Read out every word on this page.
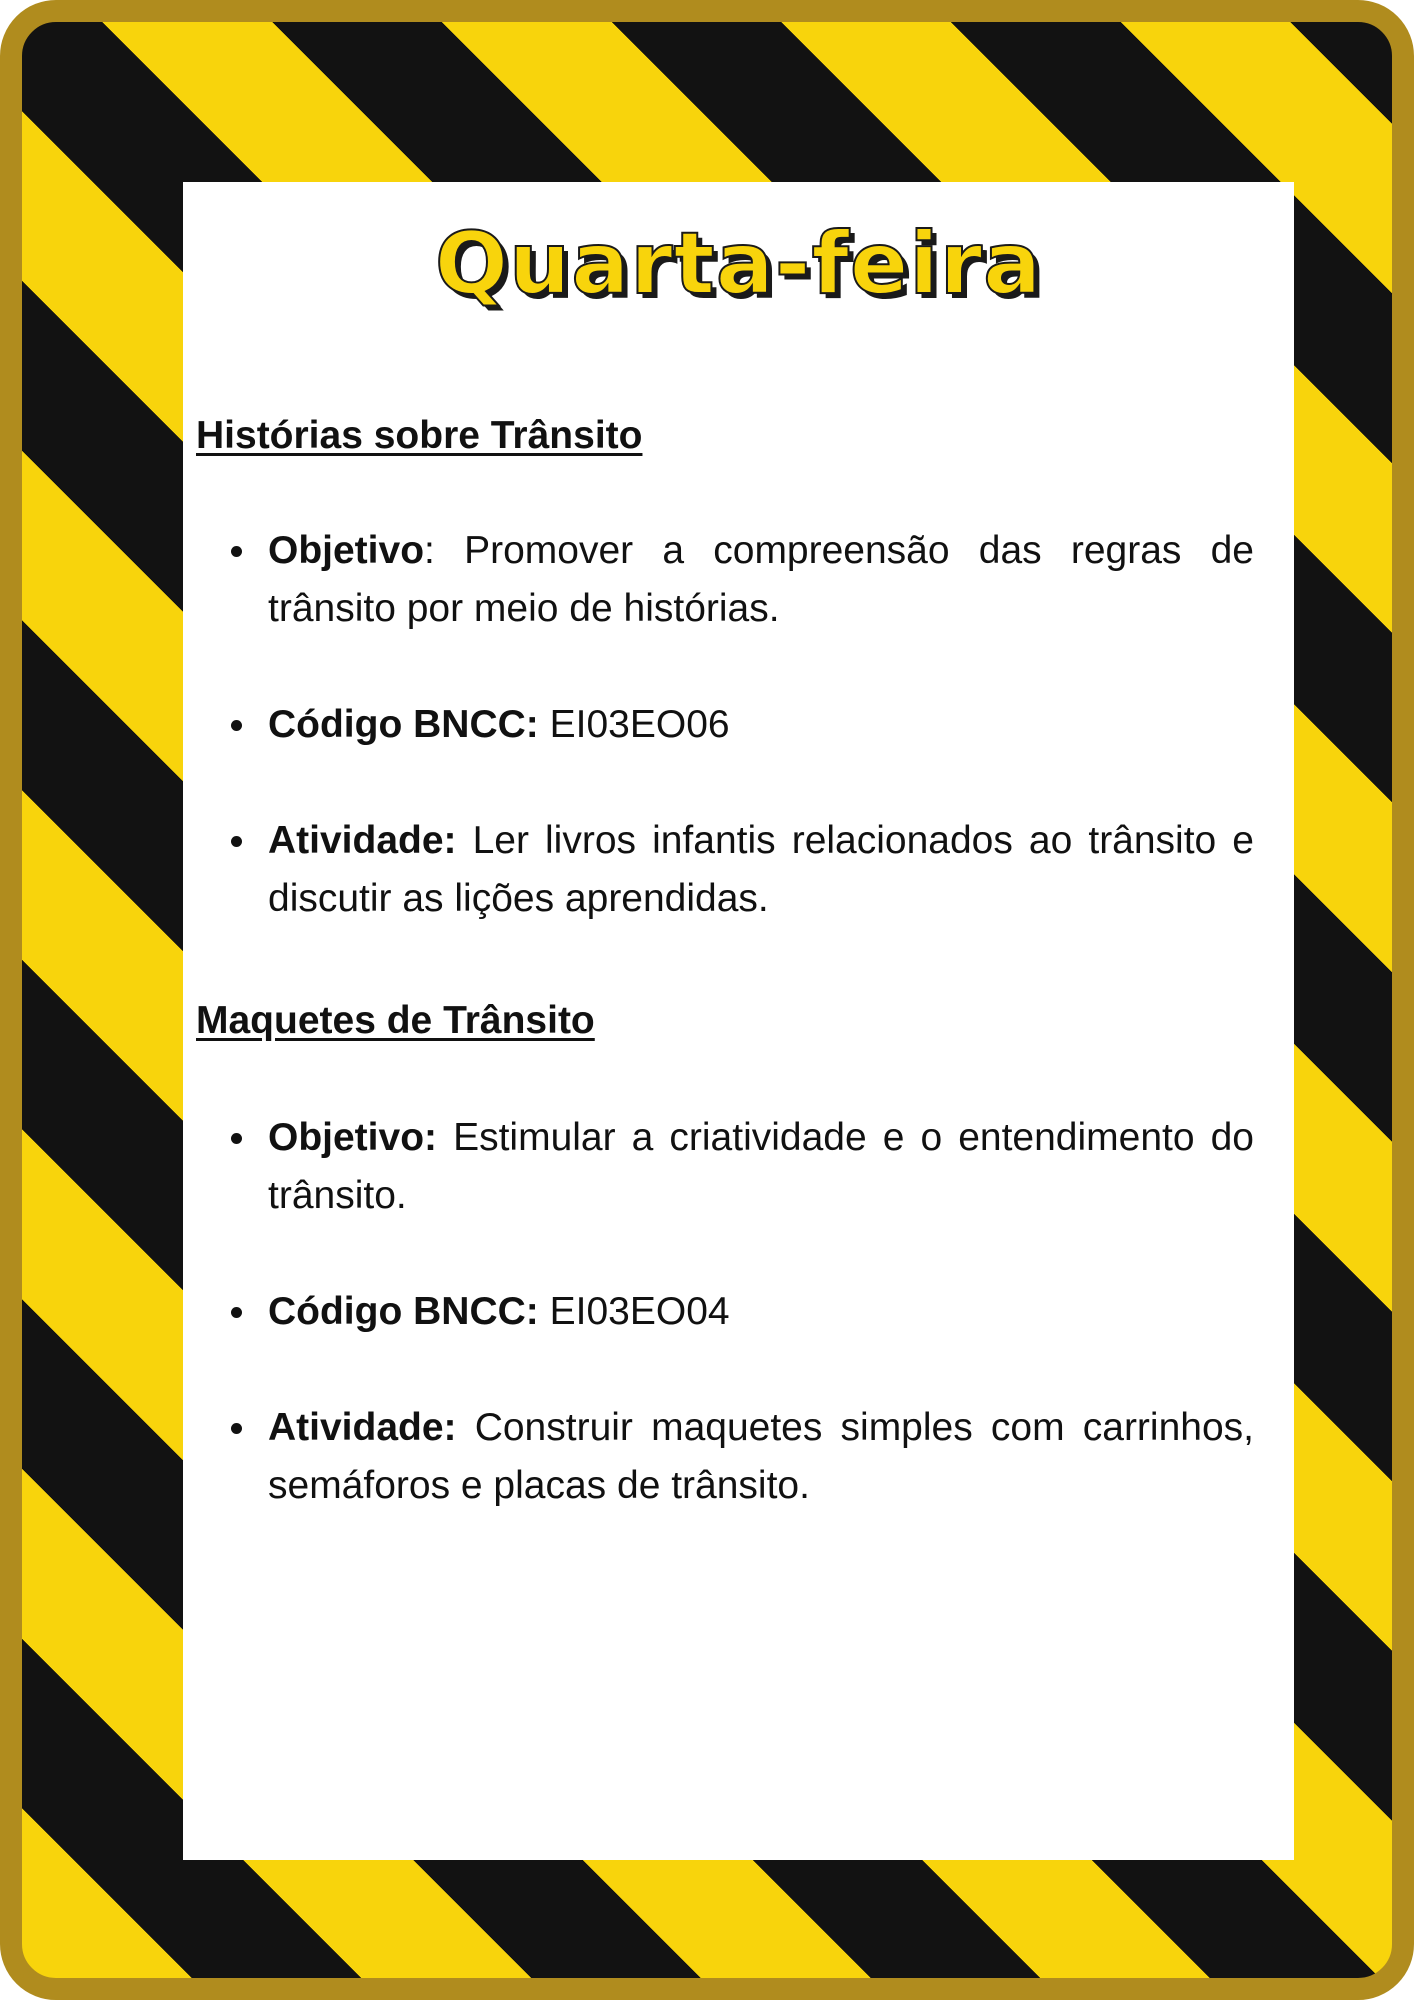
Quarta-feira
Histórias sobre Trânsito
Objetivo: Promover a compreensão das regras de trânsito por meio de histórias.
Código BNCC: EI03EO06
Atividade: Ler livros infantis relacionados ao trânsito e discutir as lições aprendidas.
Maquetes de Trânsito
Objetivo: Estimular a criatividade e o entendimento do trânsito.
Código BNCC: EI03EO04
Atividade: Construir maquetes simples com carrinhos, semáforos e placas de trânsito.
